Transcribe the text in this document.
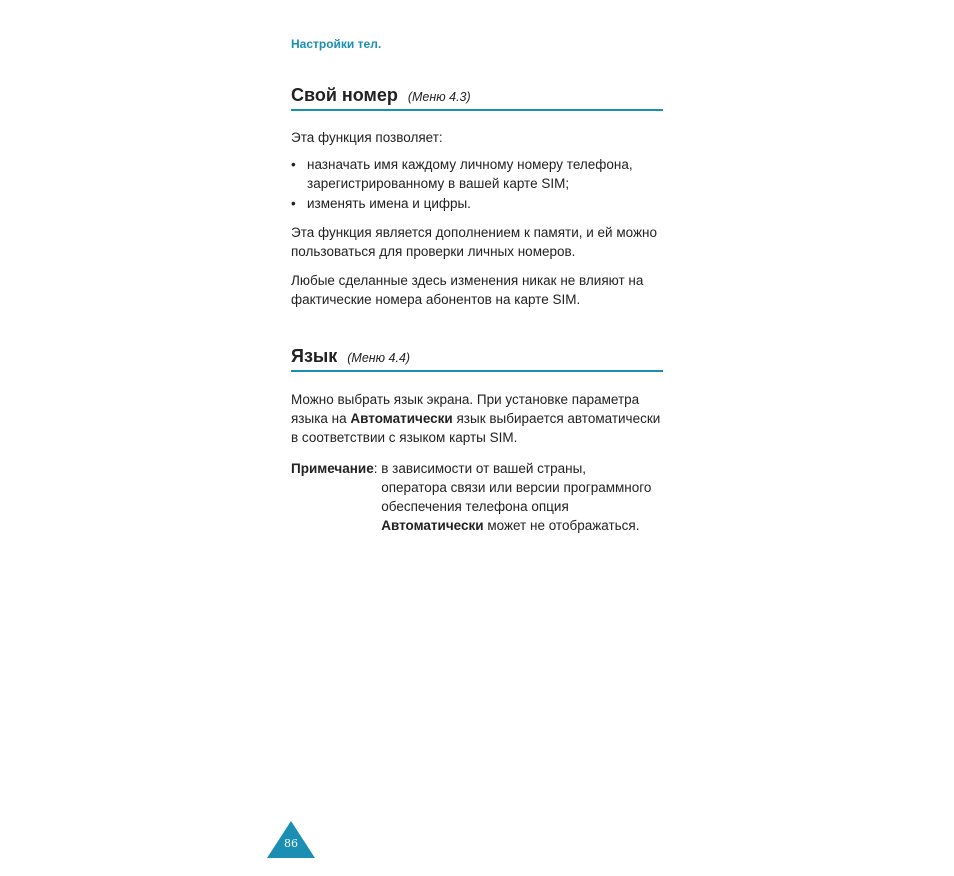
Настройки тел.
Свой номер (Меню 4.3)

Эта функция позволяет:

• назначать имя каждому личному номеру телефона, зарегистрированному в вашей карте SIM;
• изменять имена и цифры.

Эта функция является дополнением к памяти, и ей можно пользоваться для проверки личных номеров.

Любые сделанные здесь изменения никак не влияют на фактические номера абонентов на карте SIM.

Язык (Меню 4.4)

Можно выбрать язык экрана. При установке параметра языка на Автоматически язык выбирается автоматически в соответствии с языком карты SIM.

Примечание : в зависимости от вашей страны, оператора связи или версии программного обеспечения телефона опция Автоматически может не отображаться.
86
